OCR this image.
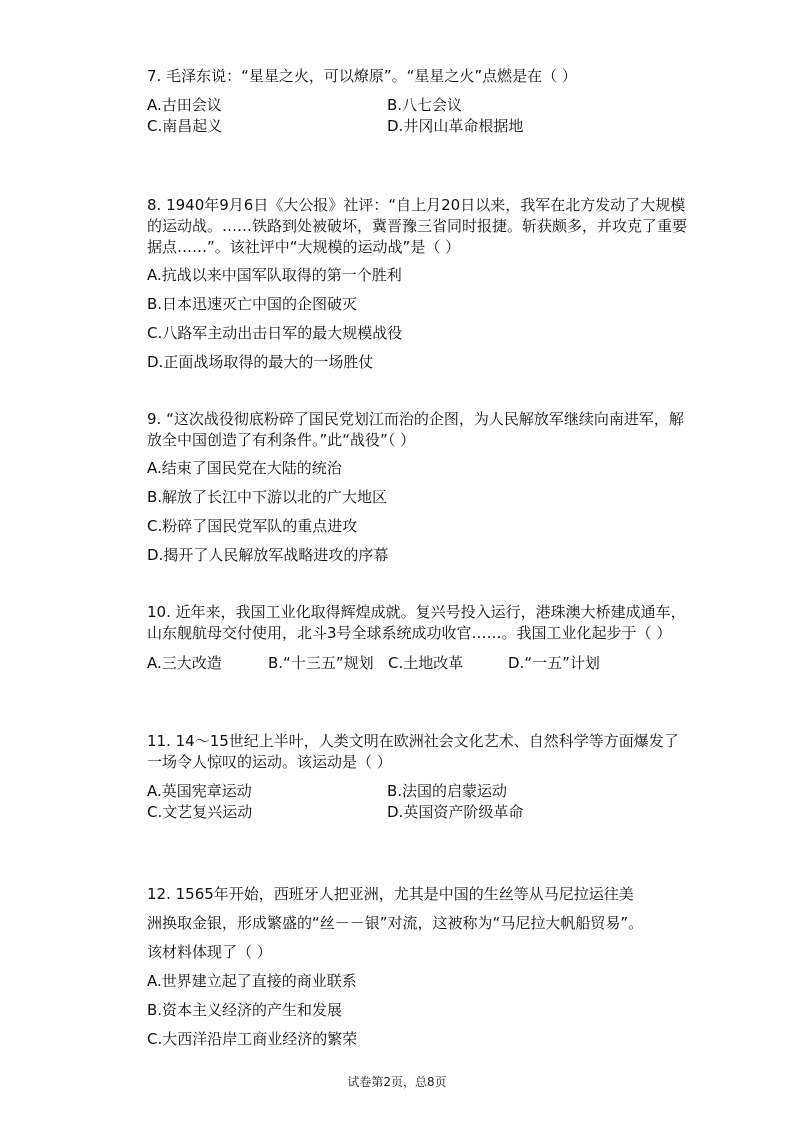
7. 毛泽东说：“星星之火，可以燎原”。“星星之火”点燃是在（ ）
A.古田会议	B.八七会议
C.南昌起义	D.井冈山革命根据地
8. 1940年9月6日《大公报》社评：“自上月20日以来，我军在北方发动了大规模的运动战。……铁路到处被破坏，冀晋豫三省同时报捷。斩获颇多，并攻克了重要据点……”。该社评中“大规模的运动战”是（ ）
A.抗战以来中国军队取得的第一个胜利
B.日本迅速灭亡中国的企图破灭
C.八路军主动出击日军的最大规模战役
D.正面战场取得的最大的一场胜仗
9. “这次战役彻底粉碎了国民党划江而治的企图，为人民解放军继续向南进军，解放全中国创造了有利条件。”此“战役”（ ）
A.结束了国民党在大陆的统治
B.解放了长江中下游以北的广大地区
C.粉碎了国民党军队的重点进攻
D.揭开了人民解放军战略进攻的序幕
10. 近年来，我国工业化取得辉煌成就。复兴号投入运行，港珠澳大桥建成通车，山东舰航母交付使用，北斗3号全球系统成功收官……。我国工业化起步于（ ）
A.三大改造	B.“十三五”规划 C.土地改革	D.“一五”计划
11. 14～15世纪上半叶，人类文明在欧洲社会文化艺术、自然科学等方面爆发了一场令人惊叹的运动。该运动是（ ）
A.英国宪章运动	B.法国的启蒙运动
C.文艺复兴运动	D.英国资产阶级革命
12. 1565年开始，西班牙人把亚洲，尤其是中国的生丝等从马尼拉运往美
洲换取金银，形成繁盛的“丝－－银”对流，这被称为“马尼拉大帆船贸易”。
该材料体现了（ ）
A.世界建立起了直接的商业联系
B.资本主义经济的产生和发展
C.大西洋沿岸工商业经济的繁荣
试卷第2页，总8页
